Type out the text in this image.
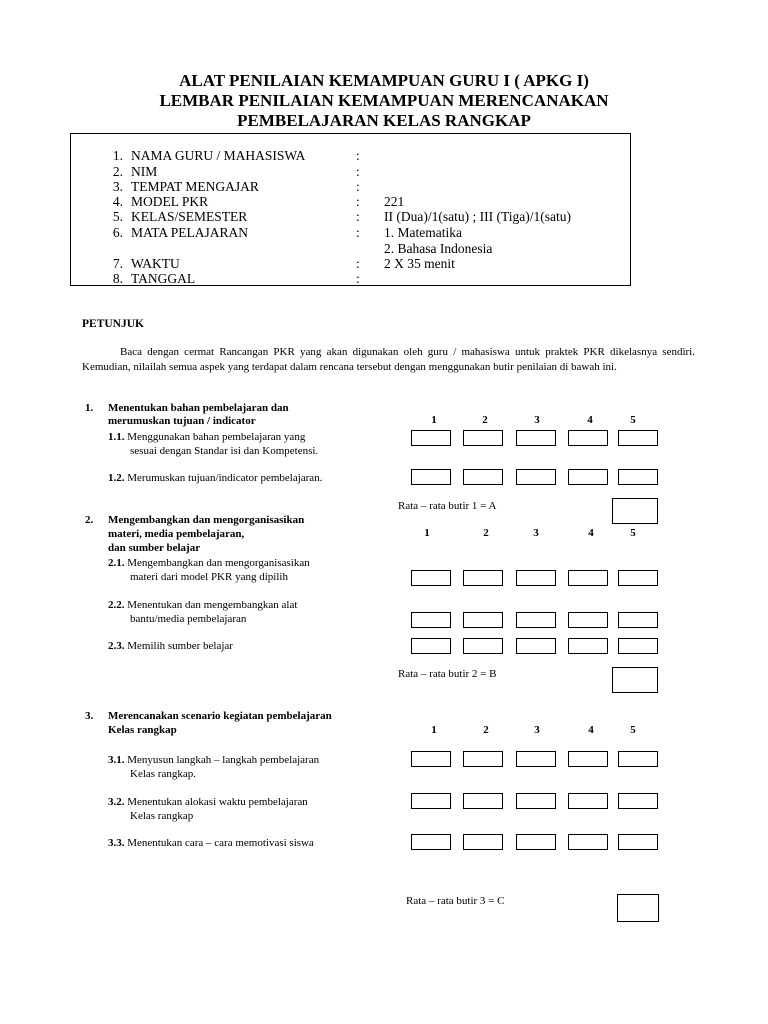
ALAT PENILAIAN KEMAMPUAN GURU I ( APKG I)
LEMBAR PENILAIAN KEMAMPUAN MERENCANAKAN
PEMBELAJARAN KELAS RANGKAP
1. NAMA GURU / MAHASISWA	:
2. NIM	:
3. TEMPAT MENGAJAR	:
4. MODEL PKR	: 221
5. KELAS/SEMESTER	: II (Dua)/1(satu) ; III (Tiga)/1(satu)
6. MATA PELAJARAN	: 1. Matematika
2. Bahasa Indonesia
7. WAKTU	: 2 X 35 menit
8. TANGGAL	:
PETUNJUK
Baca dengan cermat Rancangan PKR yang akan digunakan oleh guru / mahasiswa untuk praktek PKR dikelasnya sendiri. Kemudian, nilailah semua aspek yang terdapat dalam rencana tersebut dengan menggunakan butir penilaian di bawah ini.
1. Menentukan bahan pembelajaran dan
merumuskan tujuan / indicator	1	2	3	4	5
1.1. Menggunakan bahan pembelajaran yang
sesuai dengan Standar isi dan Kompetensi.
1.2. Merumuskan tujuan/indicator pembelajaran.
Rata – rata butir 1 = A
2. Mengembangkan dan mengorganisasikan
materi, media pembelajaran,
dan sumber belajar
1	2	3	4	5
2.1. Mengembangkan dan mengorganisasikan
materi dari model PKR yang dipilih
2.2. Menentukan dan mengembangkan alat
bantu/media pembelajaran
2.3. Memilih sumber belajar
Rata – rata butir 2 = B
3. Merencanakan scenario kegiatan pembelajaran
Kelas rangkap	1	2	3	4	5
3.1. Menyusun langkah – langkah pembelajaran
Kelas rangkap.
3.2. Menentukan alokasi waktu pembelajaran
Kelas rangkap
3.3. Menentukan cara – cara memotivasi siswa
Rata – rata butir 3 = C
